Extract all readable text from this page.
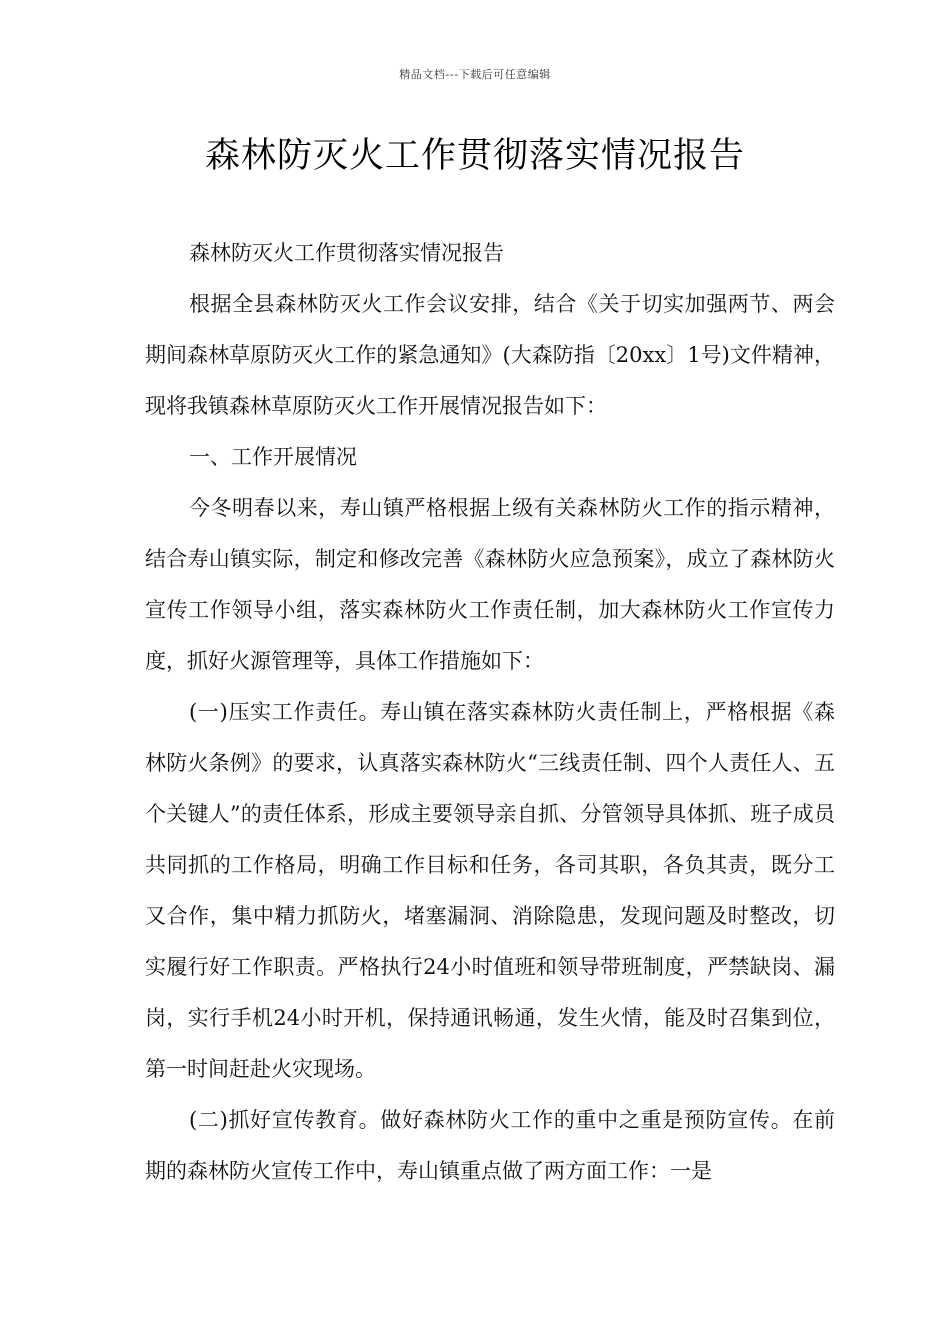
精品文档---下载后可任意编辑
森林防灭火工作贯彻落实情况报告

森林防灭火工作贯彻落实情况报告

根据全县森林防灭火工作会议安排，结合《关于切实加强两节、两会期间森林草原防灭火工作的紧急通知》(大森防指〔20xx〕1号)文件精神，现将我镇森林草原防灭火工作开展情况报告如下：

一、工作开展情况

今冬明春以来，寿山镇严格根据上级有关森林防火工作的指示精神，结合寿山镇实际，制定和修改完善《森林防火应急预案》，成立了森林防火宣传工作领导小组，落实森林防火工作责任制，加大森林防火工作宣传力度，抓好火源管理等，具体工作措施如下：

(一)压实工作责任。寿山镇在落实森林防火责任制上，严格根据《森林防火条例》的要求，认真落实森林防火“三线责任制、四个人责任人、五个关键人”的责任体系，形成主要领导亲自抓、分管领导具体抓、班子成员共同抓的工作格局，明确工作目标和任务，各司其职，各负其责，既分工又合作，集中精力抓防火，堵塞漏洞、消除隐患，发现问题及时整改，切实履行好工作职责。严格执行24小时值班和领导带班制度，严禁缺岗、漏岗，实行手机24小时开机，保持通讯畅通，发生火情，能及时召集到位，第一时间赶赴火灾现场。

(二)抓好宣传教育。做好森林防火工作的重中之重是预防宣传。在前期的森林防火宣传工作中，寿山镇重点做了两方面工作：一是
